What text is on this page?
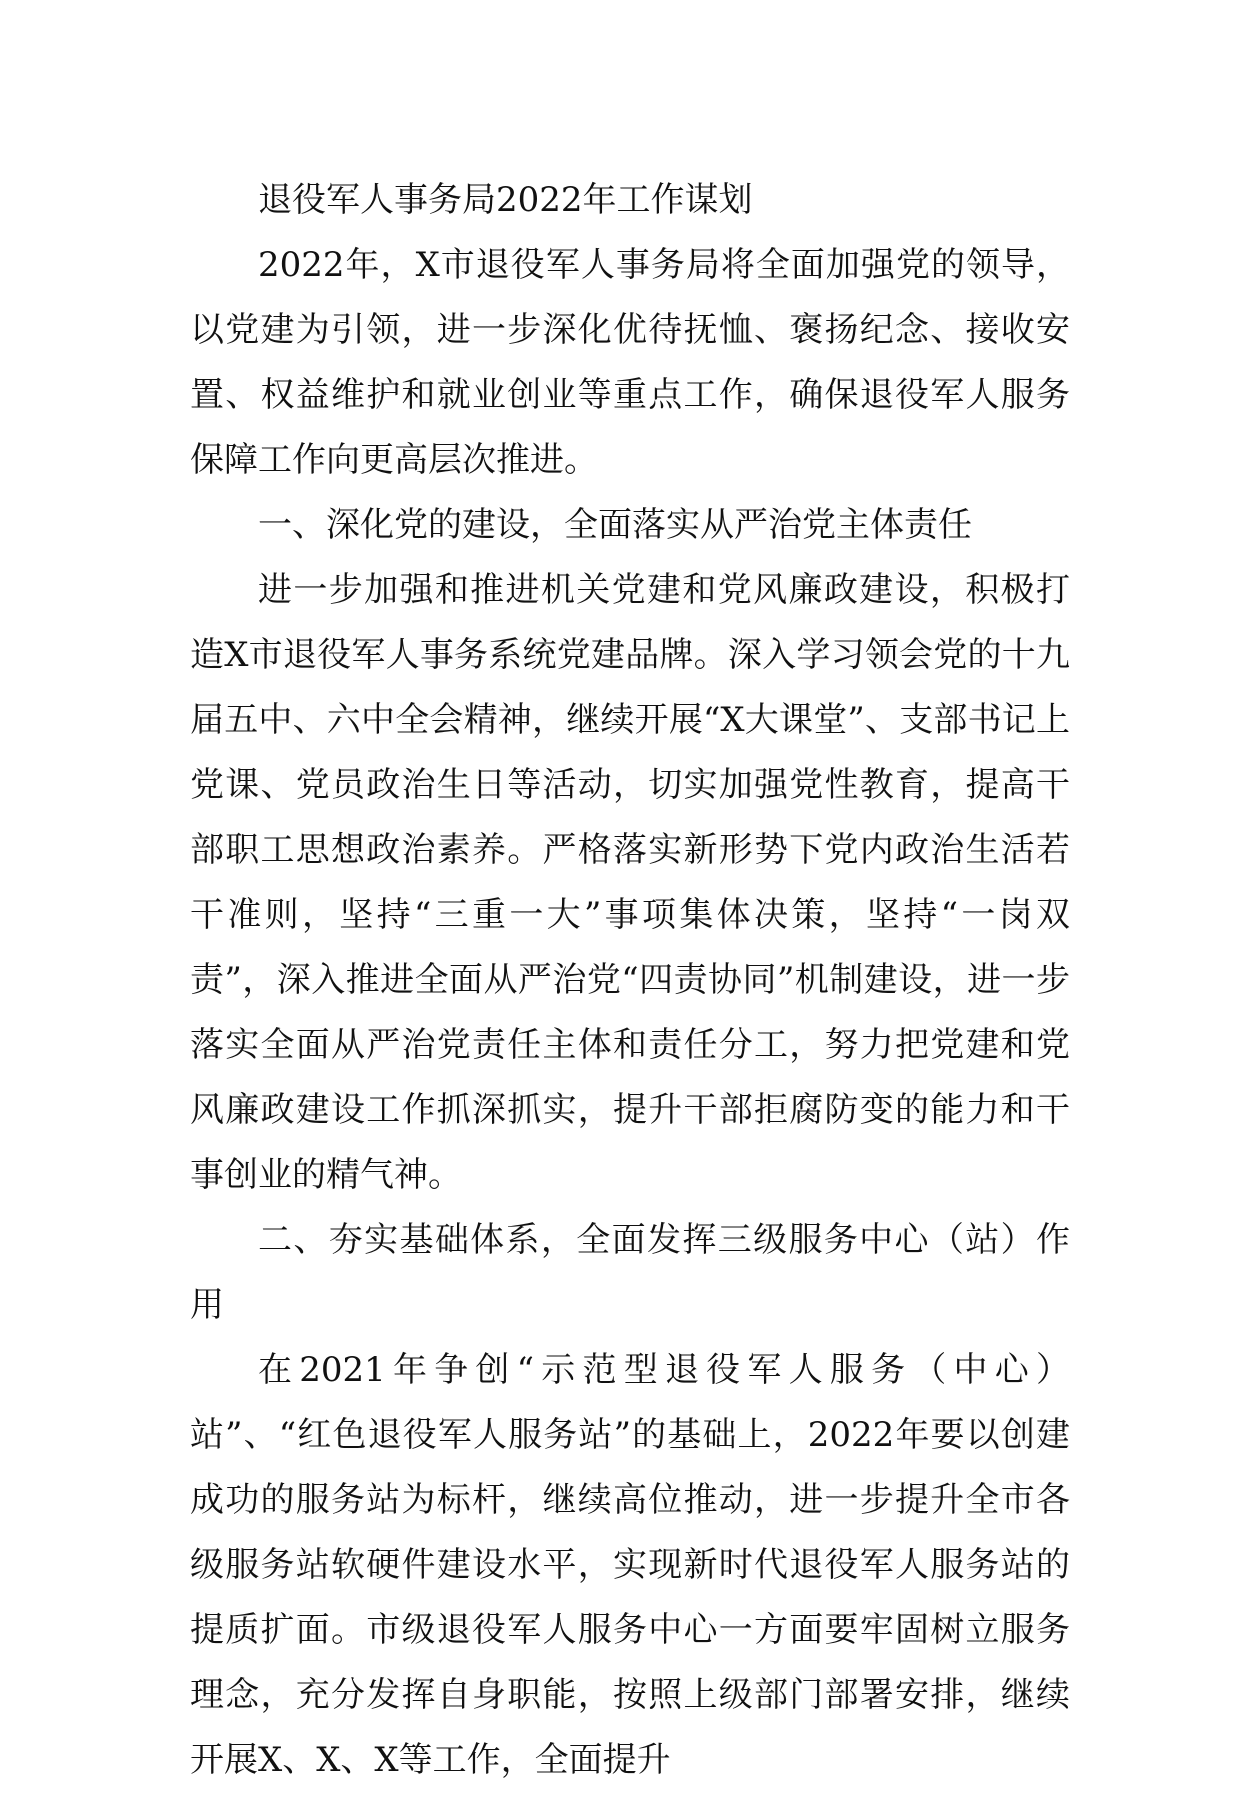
退役军人事务局2022年工作谋划

2022年，X市退役军人事务局将全面加强党的领导，以党建为引领，进一步深化优待抚恤、褒扬纪念、接收安置、权益维护和就业创业等重点工作，确保退役军人服务保障工作向更高层次推进。

一、深化党的建设，全面落实从严治党主体责任

进一步加强和推进机关党建和党风廉政建设，积极打造X市退役军人事务系统党建品牌。深入学习领会党的十九届五中、六中全会精神，继续开展“X大课堂”、支部书记上党课、党员政治生日等活动，切实加强党性教育，提高干部职工思想政治素养。严格落实新形势下党内政治生活若干准则，坚持“三重一大”事项集体决策，坚持“一岗双责”，深入推进全面从严治党“四责协同”机制建设，进一步落实全面从严治党责任主体和责任分工，努力把党建和党风廉政建设工作抓深抓实，提升干部拒腐防变的能力和干事创业的精气神。

二、夯实基础体系，全面发挥三级服务中心（站）作用

在2021年争创“示范型退役军人服务（中心）站”、“红色退役军人服务站”的基础上，2022年要以创建成功的服务站为标杆，继续高位推动，进一步提升全市各级服务站软硬件建设水平，实现新时代退役军人服务站的提质扩面。市级退役军人服务中心一方面要牢固树立服务理念，充分发挥自身职能，按照上级部门部署安排，继续开展X、X、X等工作，全面提升
